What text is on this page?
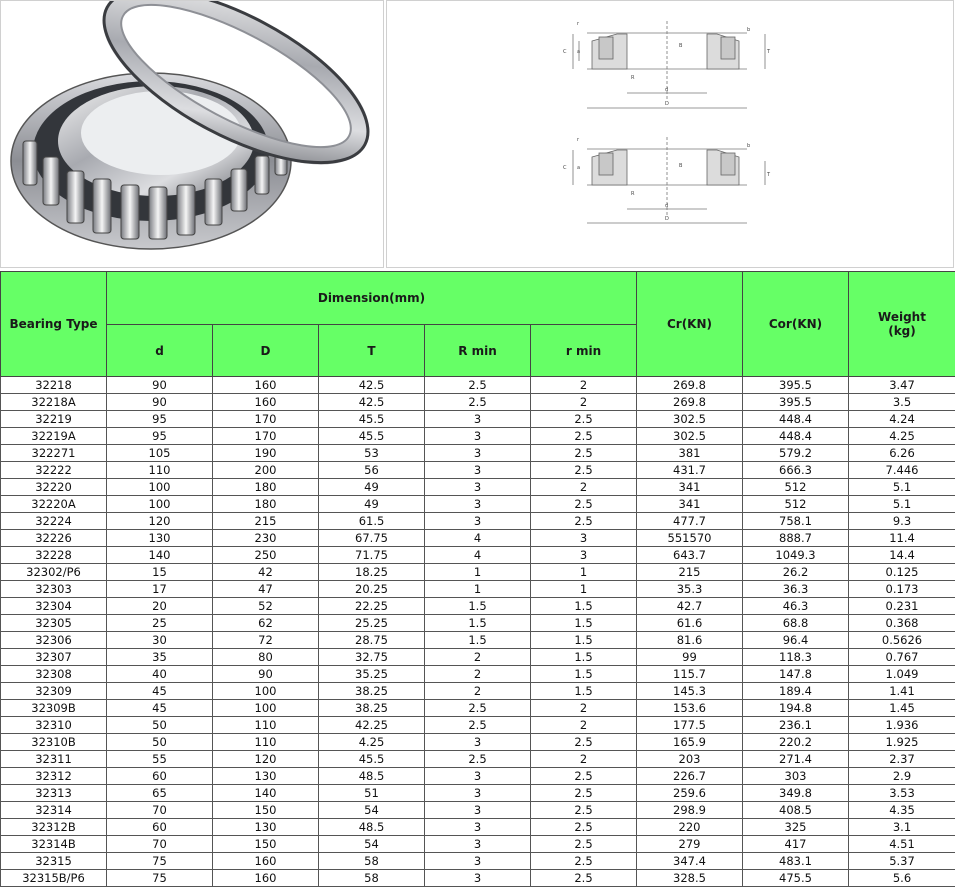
r
C a	T
B
R
d
D
b
r
C a
T
B
R
d
D
b
Bearing Type	Dimension(mm)					Cr(KN)	Cor(KN)	Weight
(kg)
	d	D	T	R min	r min			
32218	90	160	42.5	2.5	2	269.8	395.5	3.47
32218A	90	160	42.5	2.5	2	269.8	395.5	3.5
32219	95	170	45.5	3	2.5	302.5	448.4	4.24
32219A	95	170	45.5	3	2.5	302.5	448.4	4.25
322271	105	190	53	3	2.5	381	579.2	6.26
32222	110	200	56	3	2.5	431.7	666.3	7.446
32220	100	180	49	3	2	341	512	5.1
32220A	100	180	49	3	2.5	341	512	5.1
32224	120	215	61.5	3	2.5	477.7	758.1	9.3
32226	130	230	67.75	4	3	551570	888.7	11.4
32228	140	250	71.75	4	3	643.7	1049.3	14.4
32302/P6	15	42	18.25	1	1	215	26.2	0.125
32303	17	47	20.25	1	1	35.3	36.3	0.173
32304	20	52	22.25	1.5	1.5	42.7	46.3	0.231
32305	25	62	25.25	1.5	1.5	61.6	68.8	0.368
32306	30	72	28.75	1.5	1.5	81.6	96.4	0.5626
32307	35	80	32.75	2	1.5	99	118.3	0.767
32308	40	90	35.25	2	1.5	115.7	147.8	1.049
32309	45	100	38.25	2	1.5	145.3	189.4	1.41
32309B	45	100	38.25	2.5	2	153.6	194.8	1.45
32310	50	110	42.25	2.5	2	177.5	236.1	1.936
32310B	50	110	4.25	3	2.5	165.9	220.2	1.925
32311	55	120	45.5	2.5	2	203	271.4	2.37
32312	60	130	48.5	3	2.5	226.7	303	2.9
32313	65	140	51	3	2.5	259.6	349.8	3.53
32314	70	150	54	3	2.5	298.9	408.5	4.35
32312B	60	130	48.5	3	2.5	220	325	3.1
32314B	70	150	54	3	2.5	279	417	4.51
32315	75	160	58	3	2.5	347.4	483.1	5.37
32315B/P6	75	160	58	3	2.5	328.5	475.5	5.6
